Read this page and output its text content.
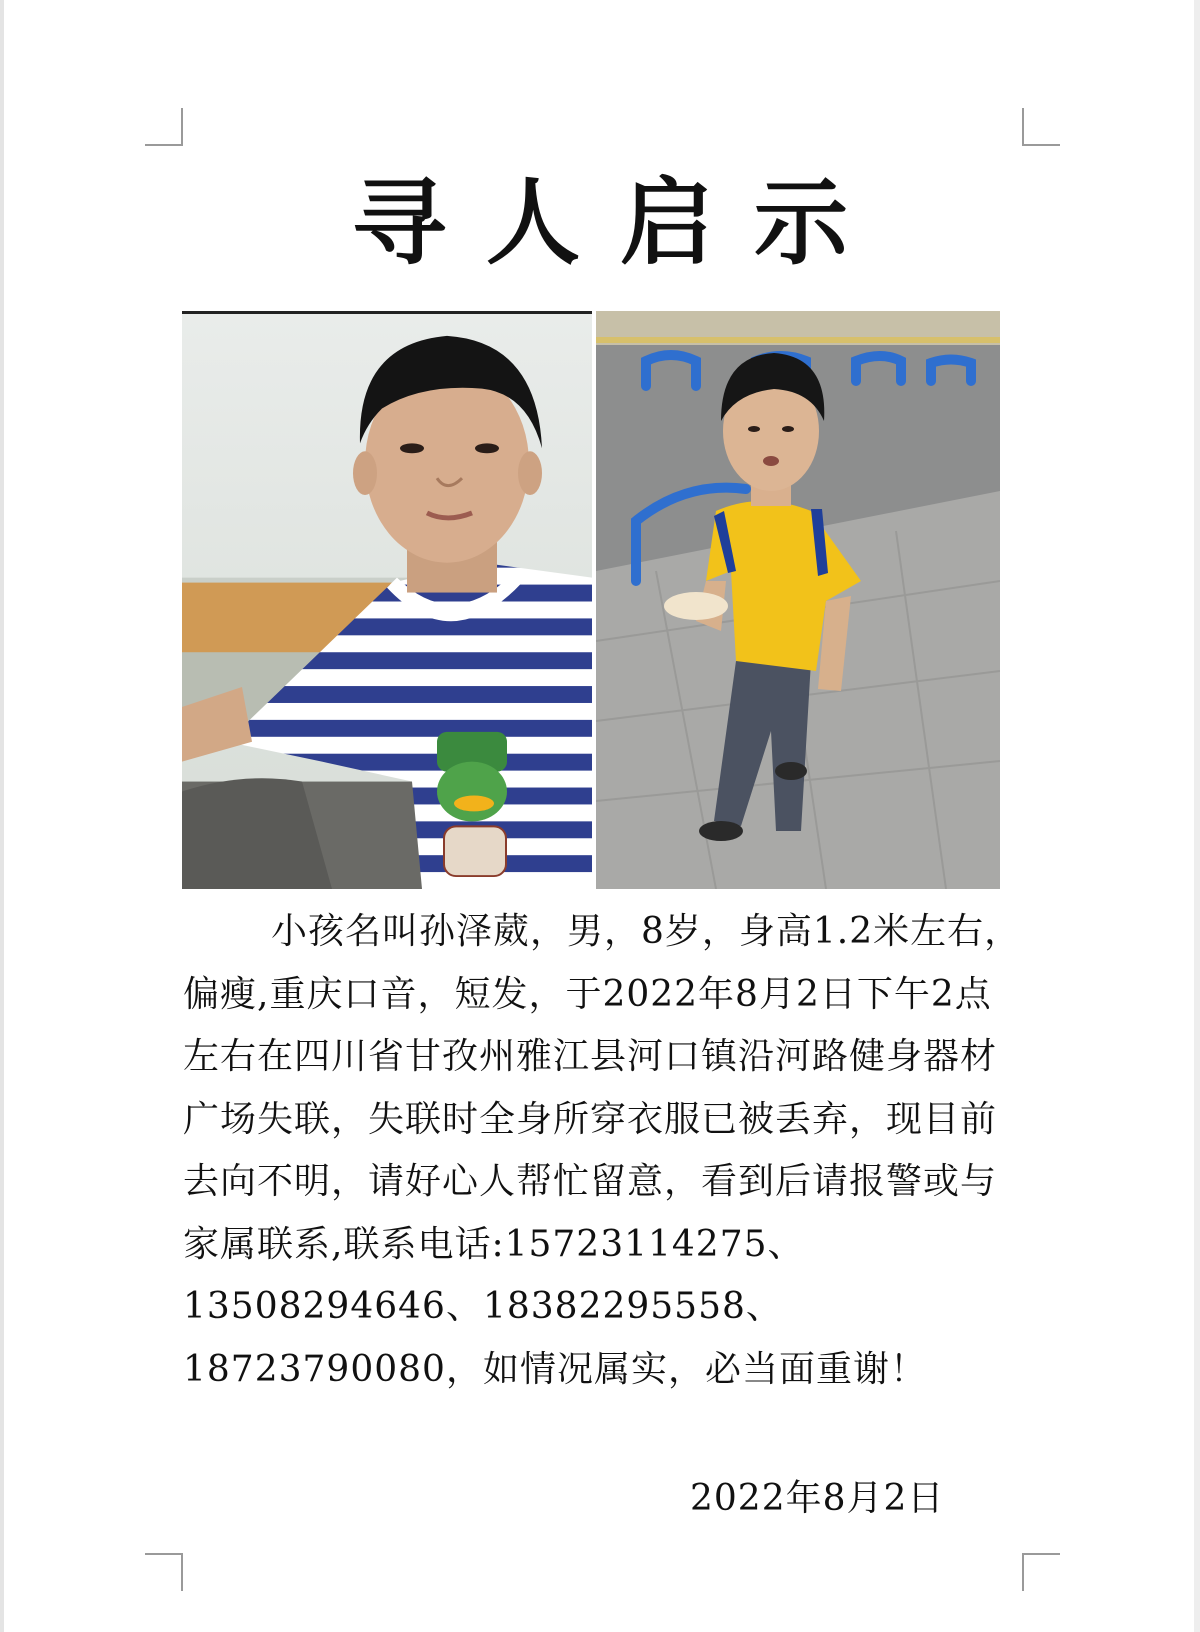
寻人启示

小孩名叫孙泽葳，男，8岁，身高1.2米左右，偏瘦,重庆口音，短发，于2022年8月2日下午2点左右在四川省甘孜州雅江县河口镇沿河路健身器材广场失联，失联时全身所穿衣服已被丢弃，现目前去向不明，请好心人帮忙留意，看到后请报警或与家属联系,联系电话:15723114275、13508294646、18382295558、18723790080，如情况属实，必当面重谢！

2022年8月2日
